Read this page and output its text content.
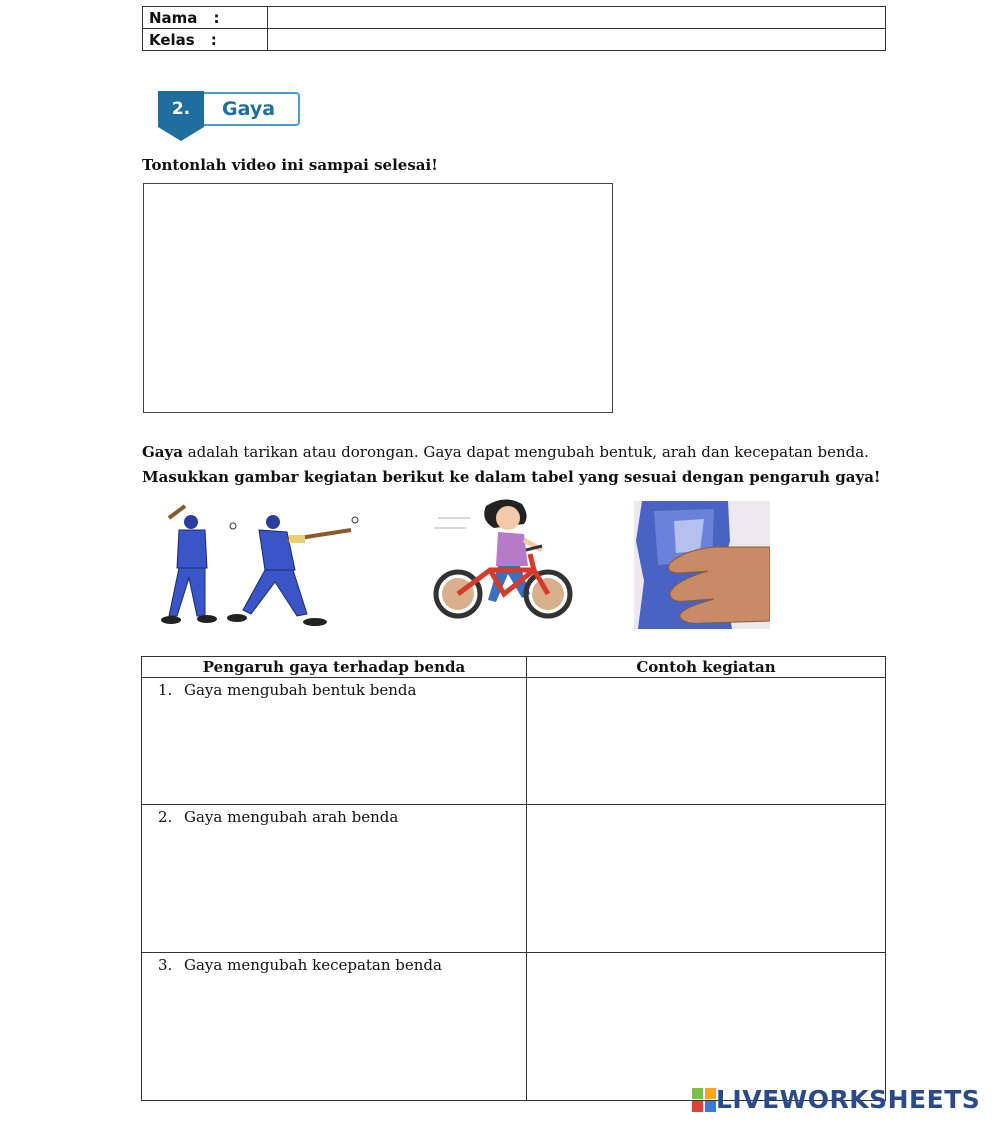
Nama :	
Kelas :	
2.	Gaya
Tontonlah video ini sampai selesai!
Gaya adalah tarikan atau dorongan. Gaya dapat mengubah bentuk, arah dan kecepatan benda.
Masukkan gambar kegiatan berikut ke dalam tabel yang sesuai dengan pengaruh gaya!
Pengaruh gaya terhadap benda	Contoh kegiatan
1. Gaya mengubah bentuk benda	

2. Gaya mengubah arah benda	

3. Gaya mengubah kecepatan benda	
LIVEWORKSHEETS
